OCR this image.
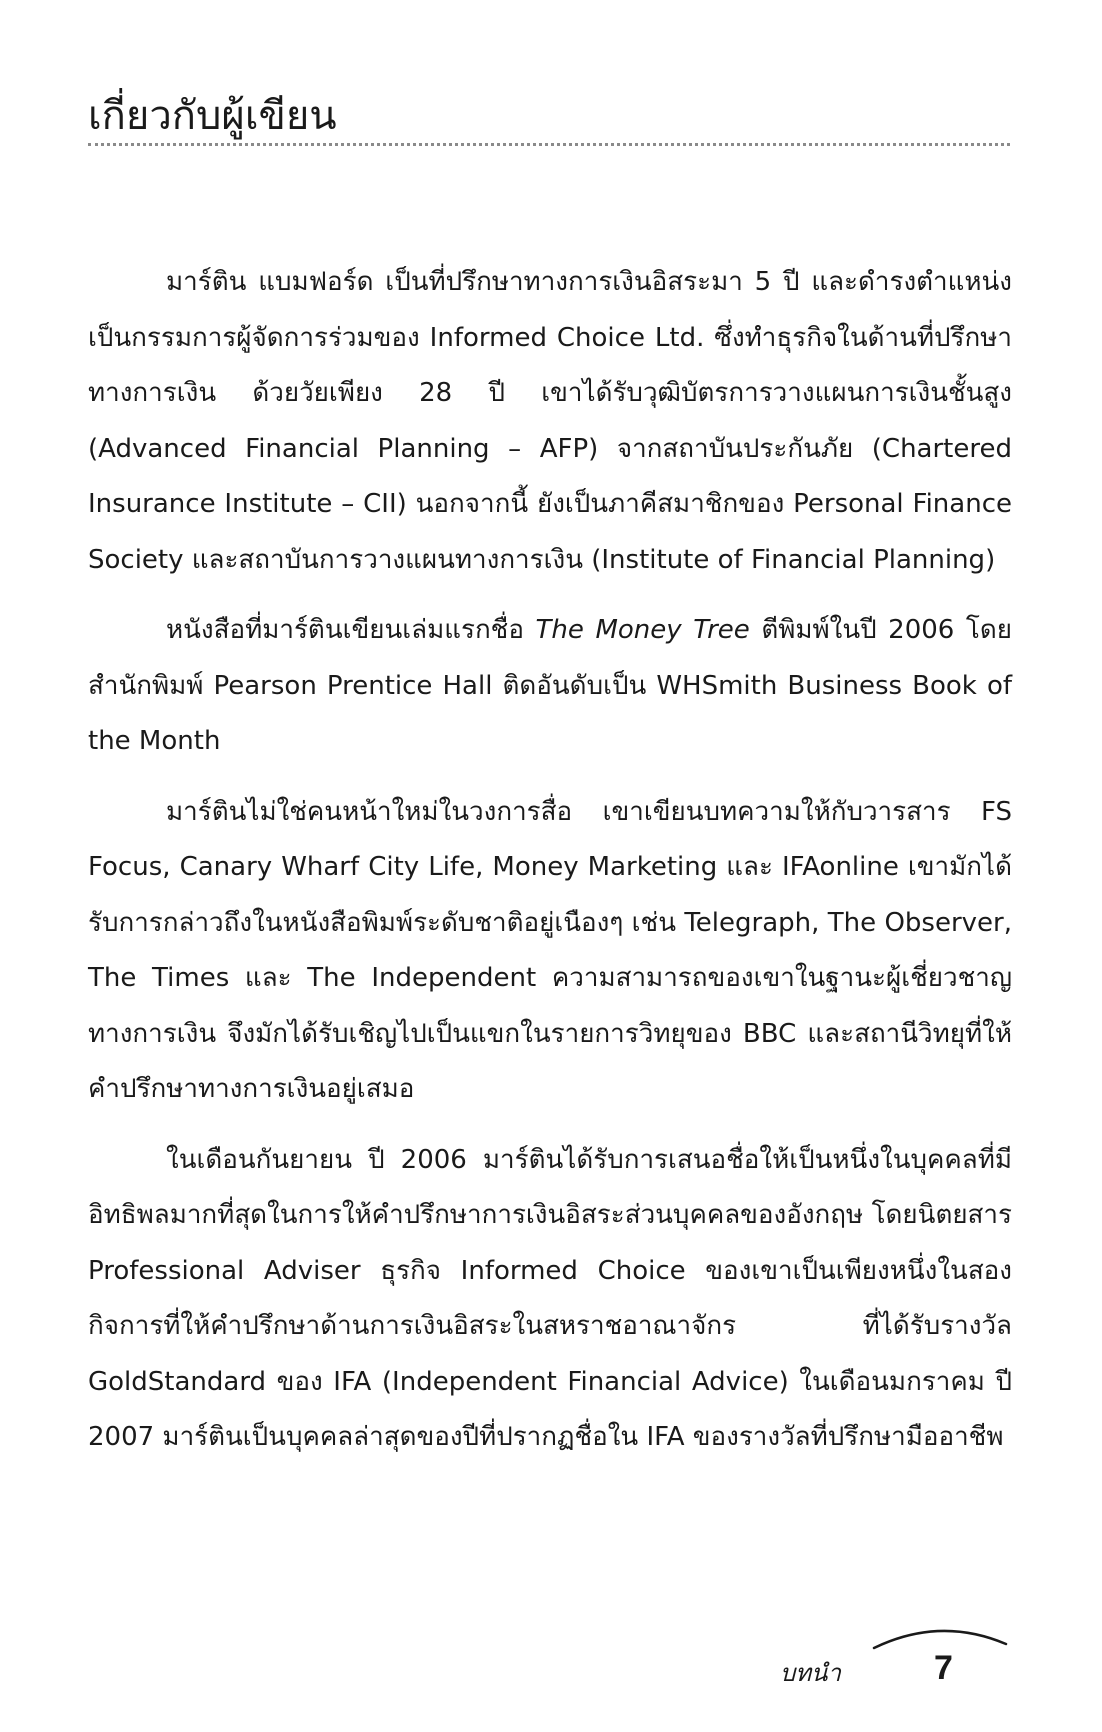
เกี่ยวกับผู้เขียน

มาร์ติน แบมฟอร์ด เป็นที่ปรึกษาทางการเงินอิสระมา 5 ปี และดำรงตำแหน่งเป็นกรรมการผู้จัดการร่วมของ Informed Choice Ltd. ซึ่งทำธุรกิจในด้านที่ปรึกษาทางการเงิน ด้วยวัยเพียง 28 ปี เขาได้รับวุฒิบัตรการวางแผนการเงินชั้นสูง (Advanced Financial Planning – AFP) จากสถาบันประกันภัย (Chartered Insurance Institute – CII) นอกจากนี้ ยังเป็นภาคีสมาชิกของ Personal Finance Society และสถาบันการวางแผนทางการเงิน (Institute of Financial Planning)

หนังสือที่มาร์ตินเขียนเล่มแรกชื่อ The Money Tree ตีพิมพ์ในปี 2006 โดยสำนักพิมพ์ Pearson Prentice Hall ติดอันดับเป็น WHSmith Business Book of the Month

มาร์ตินไม่ใช่คนหน้าใหม่ในวงการสื่อ เขาเขียนบทความให้กับวารสาร FS Focus, Canary Wharf City Life, Money Marketing และ IFAonline เขามักได้รับการกล่าวถึงในหนังสือพิมพ์ระดับชาติอยู่เนืองๆ เช่น Telegraph, The Observer, The Times และ The Independent ความสามารถของเขาในฐานะผู้เชี่ยวชาญทางการเงิน จึงมักได้รับเชิญไปเป็นแขกในรายการวิทยุของ BBC และสถานีวิทยุที่ให้คำปรึกษาทางการเงินอยู่เสมอ

ในเดือนกันยายน ปี 2006 มาร์ตินได้รับการเสนอชื่อให้เป็นหนึ่งในบุคคลที่มีอิทธิพลมากที่สุดในการให้คำปรึกษาการเงินอิสระส่วนบุคคลของอังกฤษ โดยนิตยสาร Professional Adviser ธุรกิจ Informed Choice ของเขาเป็นเพียงหนึ่งในสองกิจการที่ให้คำปรึกษาด้านการเงินอิสระในสหราชอาณาจักร ที่ได้รับรางวัล GoldStandard ของ IFA (Independent Financial Advice) ในเดือนมกราคม ปี 2007 มาร์ตินเป็นบุคคลล่าสุดของปีที่ปรากฏชื่อใน IFA ของรางวัลที่ปรึกษามืออาชีพ

บทนำ	7
